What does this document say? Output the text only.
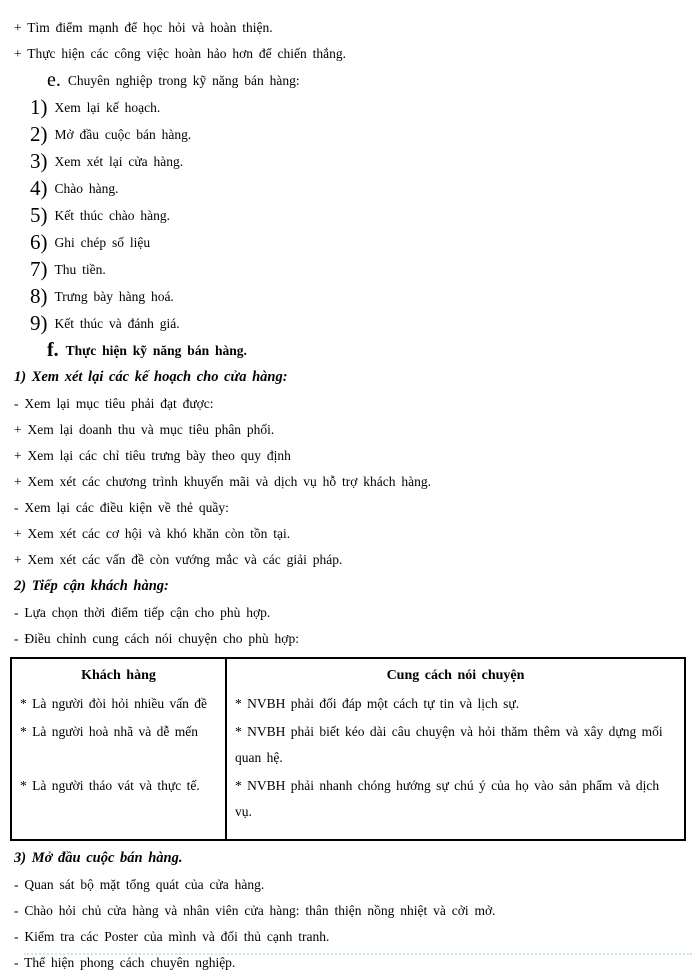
+ Tìm điểm mạnh để học hỏi và hoàn thiện.

+ Thực hiện các công việc hoàn hảo hơn để chiến thắng.

e. Chuyên nghiệp trong kỹ năng bán hàng:
1) Xem lại kế hoạch.
2) Mở đầu cuộc bán hàng.
3) Xem xét lại cửa hàng.
4) Chào hàng.
5) Kết thúc chào hàng.
6) Ghi chép số liệu
7) Thu tiền.
8) Trưng bày hàng hoá.
9) Kết thúc và đánh giá.
f. Thực hiện kỹ năng bán hàng.

1) Xem xét lại các kế hoạch cho cửa hàng:

- Xem lại mục tiêu phải đạt được:

+ Xem lại doanh thu và mục tiêu phân phối.

+ Xem lại các chỉ tiêu trưng bày theo quy định

+ Xem xét các chương trình khuyến mãi và dịch vụ hỗ trợ khách hàng.

- Xem lại các điều kiện về thẻ quầy:

+ Xem xét các cơ hội và khó khăn còn tồn tại.

+ Xem xét các vấn đề còn vướng mắc và các giải pháp.

2) Tiếp cận khách hàng:

- Lựa chọn thời điểm tiếp cận cho phù hợp.

- Điều chỉnh cung cách nói chuyện cho phù hợp:

Khách hàng	Cung cách nói chuyện
* Là người đòi hỏi nhiều vấn đề	* NVBH phải đối đáp một cách tự tin và lịch sự.
* Là người hoà nhã và dễ mến	* NVBH phải biết kéo dài câu chuyện và hỏi thăm thêm và xây dựng mối quan hệ.
* Là người tháo vát và thực tế.	* NVBH phải nhanh chóng hướng sự chú ý của họ vào sản phẩm và dịch vụ.

3) Mở đầu cuộc bán hàng.

- Quan sát bộ mặt tổng quát của cửa hàng.

- Chào hỏi chủ cửa hàng và nhân viên cửa hàng: thân thiện nồng nhiệt và cởi mở.

- Kiểm tra các Poster của mình và đối thủ cạnh tranh.

- Thể hiện phong cách chuyên nghiệp.
